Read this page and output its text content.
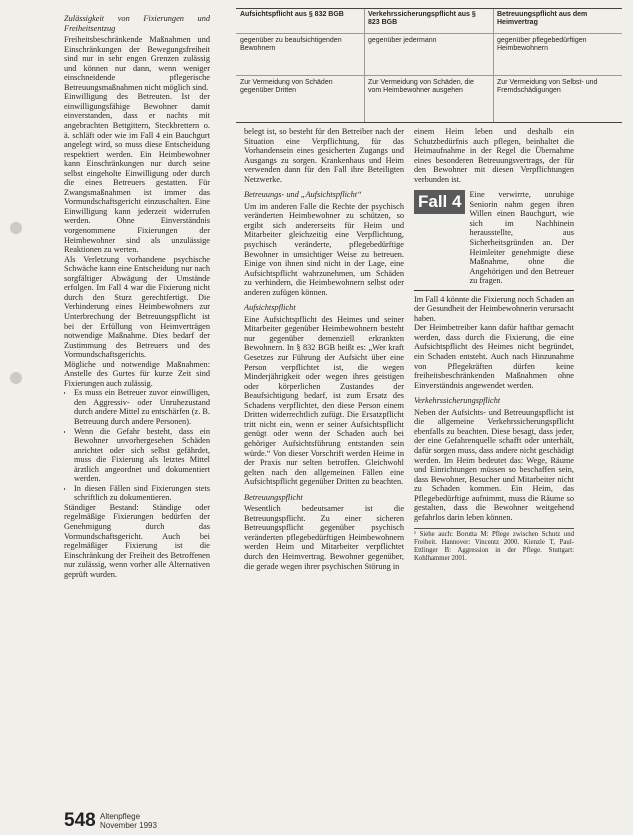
Aufsichtspflicht aus § 832 BGB	Verkehrssicherungspflicht aus § 823 BGB
Betreuungspflicht aus dem Heimvertrag
gegenüber zu beaufsichtigenden Bewohnern
gegenüber jedermann	gegenüber pflegebedürftigen Heimbewohnern
Zur Vermeidung von Schäden gegenüber Dritten
Zur Vermeidung von Schäden, die vom Heimbewohner ausgehen
Zur Vermeidung von Selbst- und Fremdschädigungen

Zulässigkeit von Fixierungen und Freiheitsentzug

Freiheitsbeschränkende Maßnahmen und Einschränkungen der Bewegungsfreiheit sind nur in sehr engen Grenzen zulässig und können nur dann, wenn weniger einschneidende pflegerische Betreuungsmaßnahmen nicht möglich sind.

Einwilligung des Betreuten. Ist der einwilligungsfähige Bewohner damit einverstanden, dass er nachts mit angebrachten Bettgittern, Steckbrettern o. ä. schläft oder wie im Fall 4 ein Bauchgurt angelegt wird, so muss diese Entscheidung respektiert werden. Ein Heimbewohner kann Einschränkungen nur durch seine selbst eingeholte Einwilligung oder durch die eines Betreuers gestatten. Für Zwangsmaßnahmen ist immer das Vormundschaftsgericht einzuschalten. Eine Einwilligung kann jederzeit widerrufen werden. Ohne Einverständnis vorgenommene Fixierungen der Heimbewohner sind als unzulässige Reaktionen zu werten.

Als Verletzung vorhandene psychische Schwäche kann eine Entscheidung nur nach sorgfältiger Abwägung der Umstände erfolgen. Im Fall 4 war die Fixierung nicht durch den Sturz gerechtfertigt. Die Verhinderung eines Heimbewohners zur Unterbrechung der Betreuungspflicht ist bei der Erfüllung von Heimverträgen notwendige Maßnahme. Dies bedarf der Zustimmung des Betreuers und des Vormundschaftsgerichts.

Mögliche und notwendige Maßnahmen: Anstelle des Gurtes für kurze Zeit sind Fixierungen auch zulässig.

• Es muss ein Betreuer zuvor einwilligen, den Aggressiv- oder Unruhezustand durch andere Mittel zu entschärfen (z. B. Betreuung durch andere Personen).
• Wenn die Gefahr besteht, dass ein Bewohner unvorhergesehen Schäden anrichtet oder sich selbst gefährdet, muss die Fixierung als letztes Mittel ärztlich angeordnet und dokumentiert werden.
• In diesen Fällen sind Fixierungen stets schriftlich zu dokumentieren.

Ständiger Bestand: Ständige oder regelmäßige Fixierungen bedürfen der Genehmigung durch das Vormundschaftsgericht. Auch bei regelmäßiger Fixierung ist die Einschränkung der Freiheit des Betroffenen nur zulässig, wenn vorher alle Alternativen geprüft wurden.

belegt ist, so besteht für den Betreiber nach der Situation eine Verpflichtung, für das Vorhandensein eines gesicherten Zugangs und Ausgangs zu sorgen. Krankenhaus und Heim verwenden dann für den Fall ihre Beteiligten Netzwerke.

Betreuungs- und „Aufsichtspflicht“

Um im anderen Falle die Rechte der psychisch veränderten Heimbewohner zu schützen, so ergibt sich andererseits für Heim und Mitarbeiter gleichzeitig eine Verpflichtung, psychisch veränderte, pflegebedürftige Bewohner in umsichtiger Weise zu betreuen. Einige von ihnen sind nicht in der Lage, eine Aufsichtspflicht wahrzunehmen, um Schäden zu verhindern, die Heimbewohnern selbst oder anderen zufügen können.

Aufsichtspflicht

Eine Aufsichtspflicht des Heimes und seiner Mitarbeiter gegenüber Heimbewohnern besteht nur gegenüber demenziell erkrankten Bewohnern. In § 832 BGB heißt es: „Wer kraft Gesetzes zur Führung der Aufsicht über eine Person verpflichtet ist, die wegen Minderjährigkeit oder wegen ihres geistigen oder körperlichen Zustandes der Beaufsichtigung bedarf, ist zum Ersatz des Schadens verpflichtet, den diese Person einem Dritten widerrechtlich zufügt. Die Ersatzpflicht tritt nicht ein, wenn er seiner Aufsichtspflicht genügt oder wenn der Schaden auch bei gehöriger Aufsichtsführung entstanden sein würde.“ Von dieser Vorschrift werden Heime in der Praxis nur selten betroffen. Gleichwohl gelten nach den allgemeinen Fällen eine Aufsichtspflicht gegenüber Dritten zu beachten.

Betreuungspflicht

Wesentlich bedeutsamer ist die Betreuungspflicht. Zu einer sicheren Betreuungspflicht gegenüber psychisch veränderten pflegebedürftigen Heimbewohnern werden Heim und Mitarbeiter verpflichtet durch den Heimvertrag. Bewohner gegenüber, die gerade wegen ihrer psychischen Störung in

einem Heim leben und deshalb ein Schutzbedürfnis auch pflegen, beinhaltet die Heimaufnahme in der Regel die Übernahme eines besonderen Betreuungsvertrags, der für den Bewohner mit diesen Verpflichtungen verbunden ist.

Fall 4 Eine verwirrte, unruhige Seniorin nahm gegen ihren Willen einen Bauchgurt, wie sich im Nachhinein herausstellte, aus Sicherheitsgründen an. Der Heimleiter genehmigte diese Maßnahme, ohne die Angehörigen und den Betreuer zu fragen.

Im Fall 4 könnte die Fixierung noch Schaden an der Gesundheit der Heimbewohnerin verursacht haben.

Der Heimbetreiber kann dafür haftbar gemacht werden, dass durch die Fixierung, die eine Aufsichtspflicht des Heimes nicht begründet, ein Schaden entsteht. Auch nach Hinzunahme von Pflegekräften dürfen keine freiheitsbeschränkenden Maßnahmen ohne Einverständnis angewendet werden.

Verkehrssicherungspflicht

Neben der Aufsichts- und Betreuungspflicht ist die allgemeine Verkehrssicherungspflicht ebenfalls zu beachten. Diese besagt, dass jeder, der eine Gefahrenquelle schafft oder unterhält, dafür sorgen muss, dass andere nicht geschädigt werden. Im Heim bedeutet das: Wege, Räume und Einrichtungen müssen so beschaffen sein, dass Bewohner, Besucher und Mitarbeiter nicht zu Schaden kommen. Ein Heim, das Pflegebedürftige aufnimmt, muss die Räume so gestalten, dass die Bewohner weitgehend gefahrlos darin leben können.

¹ Siehe auch: Borutta M: Pflege zwischen Schutz und Freiheit. Hannover: Vincentz 2000. Kienzle T, Paul-Ettlinger B: Aggression in der Pflege. Stuttgart: Kohlhammer 2001.

548 Altenpflege
November 1993
